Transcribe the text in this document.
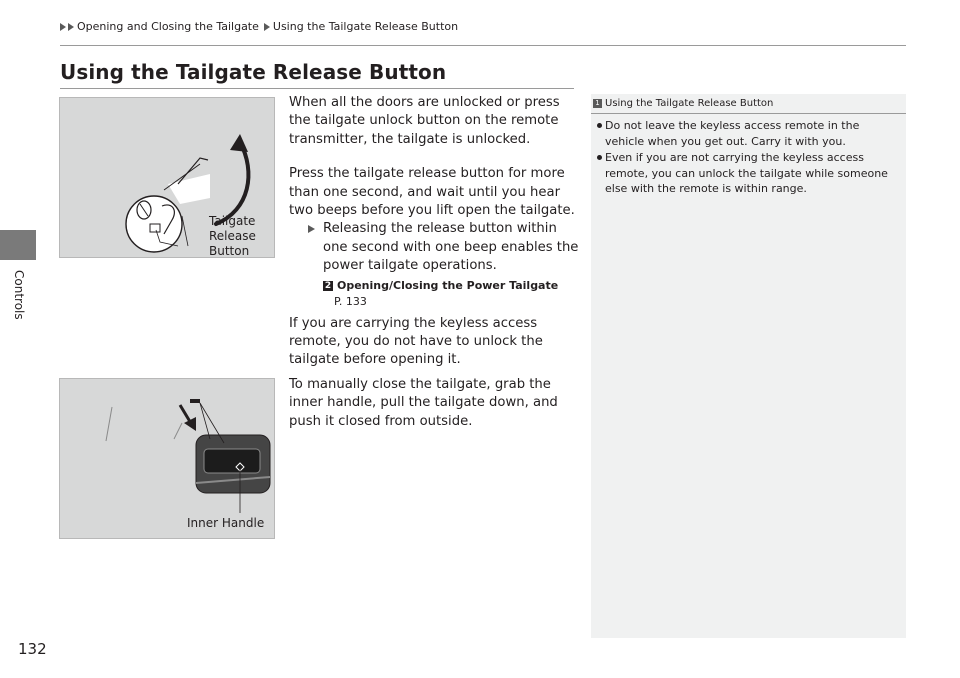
Opening and Closing the Tailgate Using the Tailgate Release Button
Controls
Using the Tailgate Release Button
Tailgate
Release
Button
Inner Handle

When all the doors are unlocked or press the tailgate unlock button on the remote transmitter, the tailgate is unlocked.

Press the tailgate release button for more than one second, and wait until you hear two beeps before you lift open the tailgate.

Releasing the release button within one second with one beep enables the power tailgate operations.
2 Opening/Closing the Power Tailgate
P. 133

If you are carrying the keyless access remote, you do not have to unlock the tailgate before opening it.

To manually close the tailgate, grab the inner handle, pull the tailgate down, and push it closed from outside.

1 Using the Tailgate Release Button
Do not leave the keyless access remote in the vehicle when you get out. Carry it with you.
Even if you are not carrying the keyless access remote, you can unlock the tailgate while someone else with the remote is within range.
132
